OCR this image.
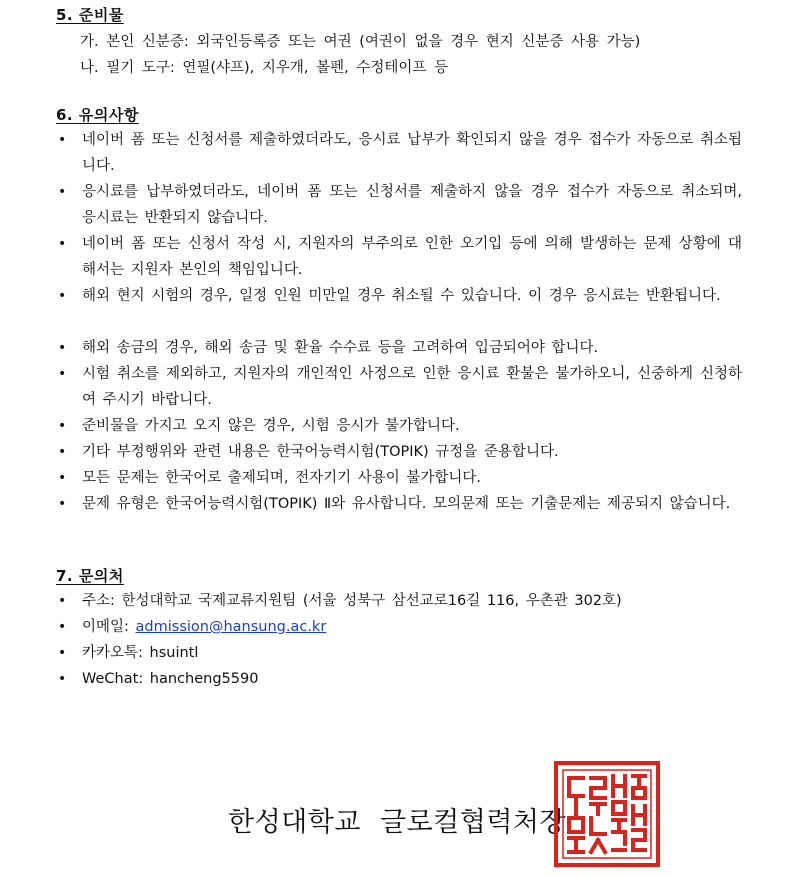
5. 준비물
가. 본인 신분증: 외국인등록증 또는 여권 (여권이 없을 경우 현지 신분증 사용 가능)
나. 필기 도구: 연필(샤프), 지우개, 볼펜, 수정테이프 등
6. 유의사항
• 네이버 폼 또는 신청서를 제출하였더라도, 응시료 납부가 확인되지 않을 경우 접수가 자동으로 취소됩니다.
• 응시료를 납부하였더라도, 네이버 폼 또는 신청서를 제출하지 않을 경우 접수가 자동으로 취소되며, 응시료는 반환되지 않습니다.
• 네이버 폼 또는 신청서 작성 시, 지원자의 부주의로 인한 오기입 등에 의해 발생하는 문제 상황에 대해서는 지원자 본인의 책임입니다.
• 해외 현지 시험의 경우, 일정 인원 미만일 경우 취소될 수 있습니다. 이 경우 응시료는 반환됩니다.
• 해외 송금의 경우, 해외 송금 및 환율 수수료 등을 고려하여 입금되어야 합니다.
• 시험 취소를 제외하고, 지원자의 개인적인 사정으로 인한 응시료 환불은 불가하오니, 신중하게 신청하여 주시기 바랍니다.
• 준비물을 가지고 오지 않은 경우, 시험 응시가 불가합니다.
• 기타 부정행위와 관련 내용은 한국어능력시험(TOPIK) 규정을 준용합니다.
• 모든 문제는 한국어로 출제되며, 전자기기 사용이 불가합니다.
• 문제 유형은 한국어능력시험(TOPIK) Ⅱ와 유사합니다. 모의문제 또는 기출문제는 제공되지 않습니다.
7. 문의처
• 주소: 한성대학교 국제교류지원팀 (서울 성북구 삼선교로16길 116, 우촌관 302호)
• 이메일: admission@hansung.ac.kr
• 카카오톡: hsuintl
• WeChat: hancheng5590
한성대학교 글로컬협력처장
